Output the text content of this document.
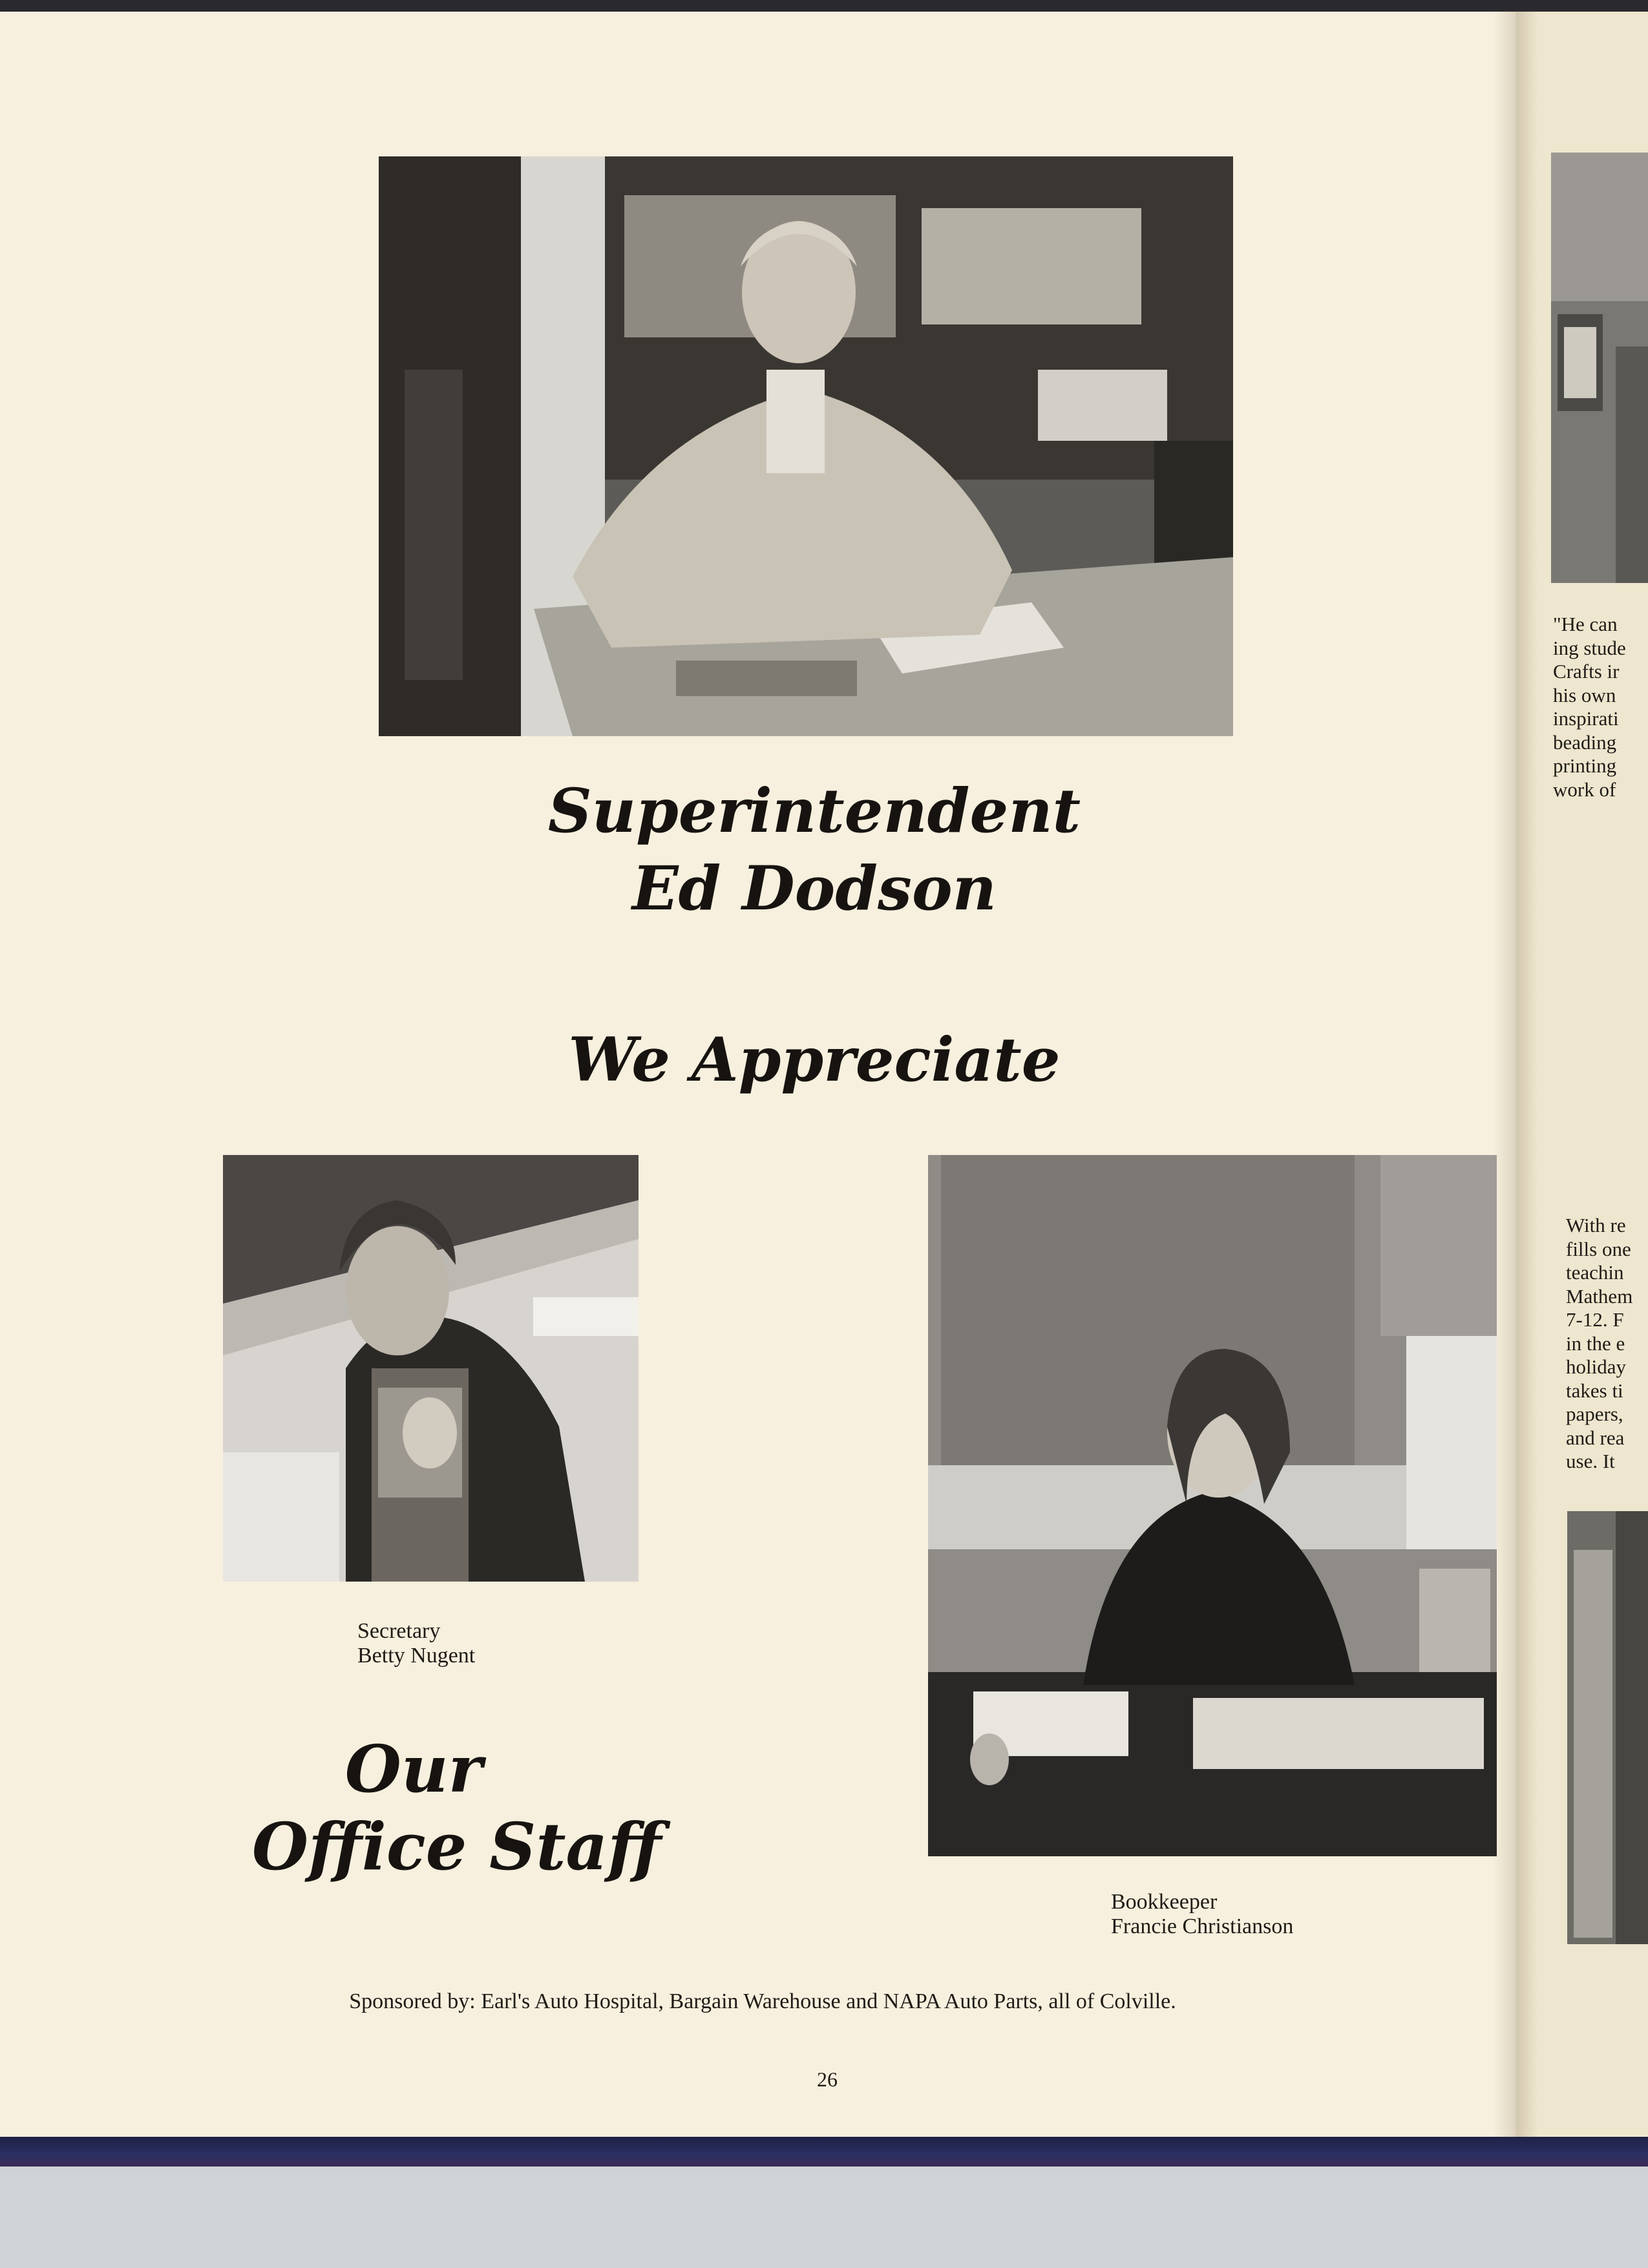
"He can

ing stude

Crafts ir

his own

inspirati

beading

printing

work of

With re

fills one

teachin

Mathem

7-12. F

in the e

holiday

takes ti

papers,

and rea

use. It

Superintendent
Ed Dodson
We Appreciate

Secretary

Betty Nugent

Our
Office Staff

Bookkeeper

Francie Christianson

Sponsored by: Earl's Auto Hospital, Bargain Warehouse and NAPA Auto Parts, all of Colville.

26
